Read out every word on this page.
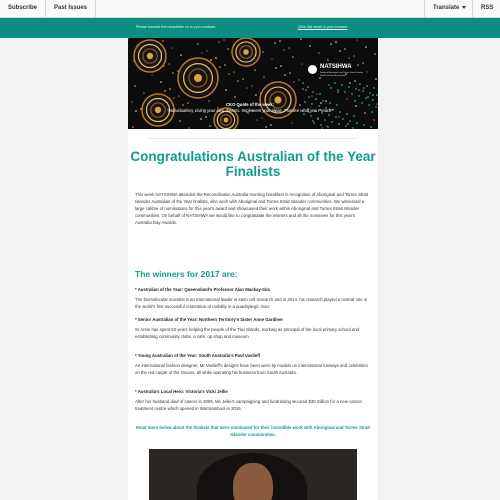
Subscribe	Past Issues	Translate	RSS
Please forward this newsletter on to your contacts.	View this email in your browser
NATSIHWA
National Aboriginal and Torres Strait Islander Health Worker Association
CKO Quote of the week:
"Individualism, Living your own dreams. Implement your ideas. Practise what you Preach"
Congratulations Australian of the Year Finalists

This week NATSIHWA attended the Reconciliation Australia morning breakfast in recognition of Aboriginal and Torres Strait Islander Australian of the Year finalists, who work with Aboriginal and Torres Strait Islander communities. We witnessed a large calibre of nominations for this year's award and showcased their work within Aboriginal and Torres Strait Islander communities. On behalf of NATSIHWA we would like to congratulate the winners and all the nominees for this year's Australia Day Awards.

The winners for 2017 are:

* Australian of the Year: Queensland's Professor Alan Mackay-Sim

The biomolecular scientist is an international leader in stem cell research and in 2014, his research played a central role in the world's first successful restoration of mobility in a quadriplegic man.

* Senior Australian of the Year: Northern Territory's Sister Anne Gardiner

Sr Anne has spent 62 years helping the people of the Tiwi Islands, working as principal of the local primary school and establishing community clubs, a cafe, op shop and museum.

* Young Australian of the Year: South Australia's Paul Vasileff

An international fashion designer, Mr Vasileff's designs have been worn by models on international runways and celebrities on the red carpet of the Oscars, all while operating his business from South Australia.

* Australia's Local Hero: Victoria's Vicki Jellie

After her husband died of cancer in 2009, Ms Jellie's campaigning and fundraising secured $30 million for a new cancer treatment centre which opened in Warrnambool in 2016.

Read more below about the finalists that were nominated for their incredible work with Aboriginal and Torres Strait Islander communities.
